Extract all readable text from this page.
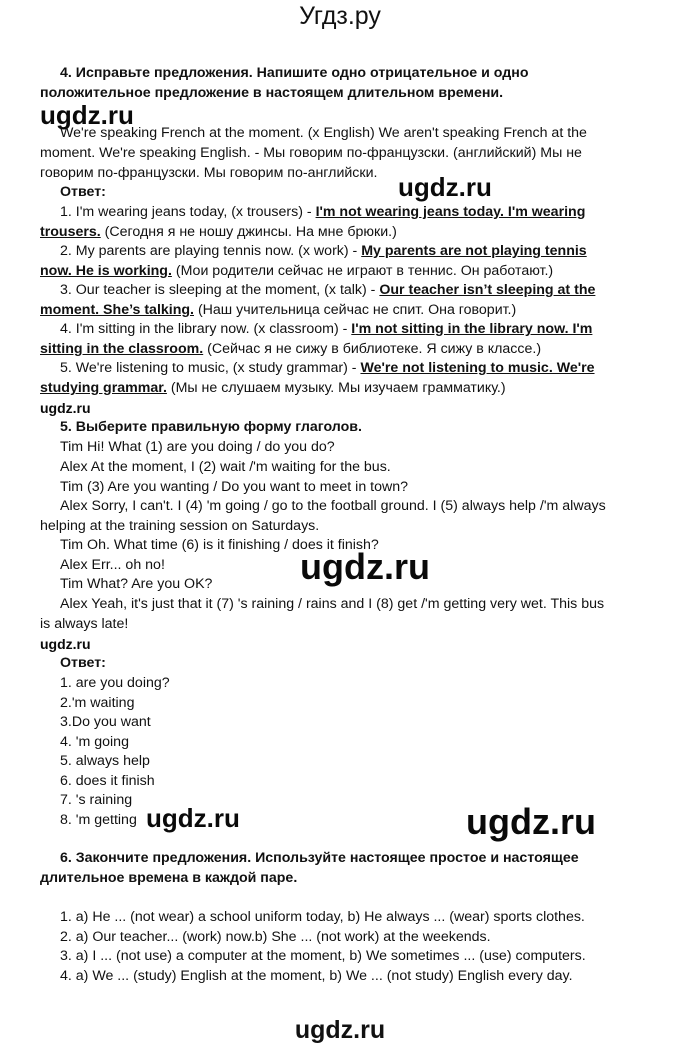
Угдз.ру
4. Исправьте предложения. Напишите одно отрицательное и одно
положительное предложение в настоящем длительном времени.
ugdz.ru
We're speaking French at the moment. (x English) We aren't speaking French at the
moment. We're speaking English. - Мы говорим по-французски. (английский) Мы не
говорим по-французски. Мы говорим по-английски. ugdz.ru
Ответ:
1. I'm wearing jeans today, (x trousers) - I'm not wearing jeans today. I'm wearing
trousers. (Сегодня я не ношу джинсы. На мне брюки.)
2. My parents are playing tennis now. (x work) - My parents are not playing tennis
now. He is working. (Мои родители сейчас не играют в теннис. Он работают.)
3. Our teacher is sleeping at the moment, (x talk) - Our teacher isn’t sleeping at the
moment. She’s talking. (Наш учительница сейчас не спит. Она говорит.)
4. I'm sitting in the library now. (x classroom) - I'm not sitting in the library now. I'm
sitting in the classroom. (Сейчас я не сижу в библиотеке. Я сижу в классе.)
5. We're listening to music, (x study grammar) - We're not listening to music. We're
studying grammar. (Мы не слушаем музыку. Мы изучаем грамматику.)
ugdz.ru
5. Выберите правильную форму глаголов.
Tim Hi! What (1) are you doing / do you do?
Alex At the moment, I (2) wait /'m waiting for the bus.
Tim (3) Are you wanting / Do you want to meet in town?
Alex Sorry, I can't. I (4) 'm going / go to the football ground. I (5) always help /'m always
helping at the training session on Saturdays.
Tim Oh. What time (6) is it finishing / does it finish?
Alex Err... oh no!	ugdz.ru
Tim What? Are you OK?
Alex Yeah, it's just that it (7) 's raining / rains and I (8) get /'m getting very wet. This bus
is always late!
ugdz.ru
Ответ:
1. are you doing?
2.'m waiting
3.Do you want
4. 'm going
5. always help
6. does it finish
7. 's raining
8. 'm getting ugdz.ru	ugdz.ru
6. Закончите предложения. Используйте настоящее простое и настоящее
длительное времена в каждой паре.
1. a) He ... (not wear) a school uniform today, b) He always ... (wear) sports clothes.
2. a) Our teacher... (work) now.b) She ... (not work) at the weekends.
3. a) I ... (not use) a computer at the moment, b) We sometimes ... (use) computers.
4. a) We ... (study) English at the moment, b) We ... (not study) English every day.
ugdz.ru
